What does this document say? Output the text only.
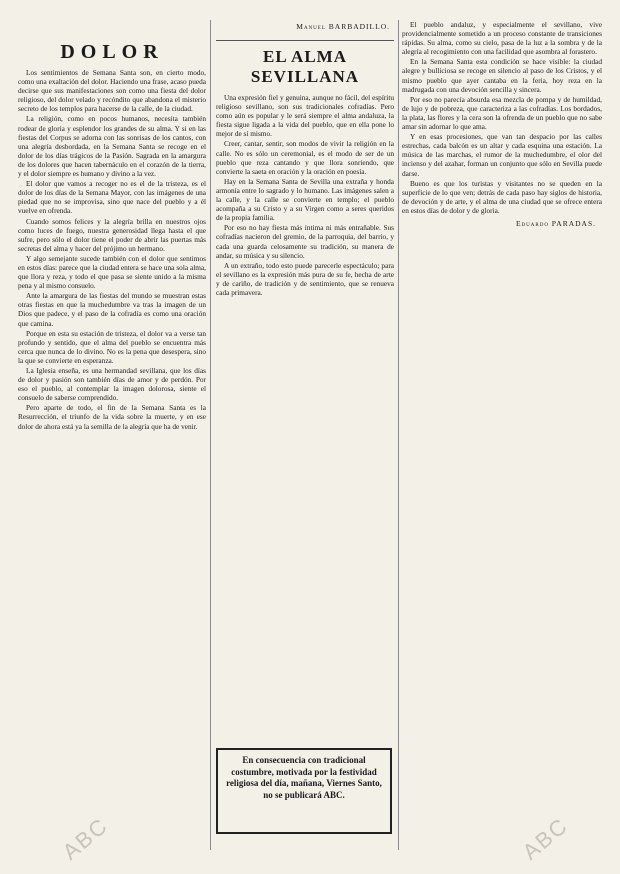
DOLOR

Los sentimientos de Semana Santa son, en cierto modo, como una exaltación del dolor. Haciendo una frase, acaso pueda decirse que sus manifestaciones son como una fiesta del dolor religioso, del dolor velado y recóndito que abandona el misterio secreto de los templos para hacerse de la calle, de la ciudad.

La religión, como en pocos humanos, necesita también rodear de gloria y esplendor los grandes de su alma. Y si en las fiestas del Corpus se adorna con las sonrisas de los cantos, con una alegría desbordada, en la Semana Santa se recoge en el dolor de los días trágicos de la Pasión. Sagrada en la amargura de los dolores que hacen tabernáculo en el corazón de la tierra, y el dolor siempre es humano y divino a la vez.

El dolor que vamos a recoger no es el de la tristeza, es el dolor de los días de la Semana Mayor, con las imágenes de una piedad que no se improvisa, sino que nace del pueblo y a él vuelve en ofrenda.

Cuando somos felices y la alegría brilla en nuestros ojos como luces de fuego, nuestra generosidad llega hasta el que sufre, pero sólo el dolor tiene el poder de abrir las puertas más secretas del alma y hacer del prójimo un hermano.

Y algo semejante sucede también con el dolor que sentimos en estos días: parece que la ciudad entera se hace una sola alma, que llora y reza, y todo el que pasa se siente unido a la misma pena y al mismo consuelo.

Ante la amargura de las fiestas del mundo se muestran estas otras fiestas en que la muchedumbre va tras la imagen de un Dios que padece, y el paso de la cofradía es como una oración que camina.

Porque en esta su estación de tristeza, el dolor va a verse tan profundo y sentido, que el alma del pueblo se encuentra más cerca que nunca de lo divino. No es la pena que desespera, sino la que se convierte en esperanza.

La Iglesia enseña, es una hermandad sevillana, que los días de dolor y pasión son también días de amor y de perdón. Por eso el pueblo, al contemplar la imagen dolorosa, siente el consuelo de saberse comprendido.

Pero aparte de todo, el fin de la Semana Santa es la Resurrección, el triunfo de la vida sobre la muerte, y en ese dolor de ahora está ya la semilla de la alegría que ha de venir.

Manuel BARBADILLO.
EL ALMA SEVILLANA

Una expresión fiel y genuina, aunque no fácil, del espíritu religioso sevillano, son sus tradicionales cofradías. Pero como aún es popular y le será siempre el alma andaluza, la fiesta sigue ligada a la vida del pueblo, que en ella pone lo mejor de sí mismo.

Creer, cantar, sentir, son modos de vivir la religión en la calle. No es sólo un ceremonial, es el modo de ser de un pueblo que reza cantando y que llora sonriendo, que convierte la saeta en oración y la oración en poesía.

Hay en la Semana Santa de Sevilla una extraña y honda armonía entre lo sagrado y lo humano. Las imágenes salen a la calle, y la calle se convierte en templo; el pueblo acompaña a su Cristo y a su Virgen como a seres queridos de la propia familia.

Por eso no hay fiesta más íntima ni más entrañable. Sus cofradías nacieron del gremio, de la parroquia, del barrio, y cada una guarda celosamente su tradición, su manera de andar, su música y su silencio.

A un extraño, todo esto puede parecerle espectáculo; para el sevillano es la expresión más pura de su fe, hecha de arte y de cariño, de tradición y de sentimiento, que se renueva cada primavera.

El pueblo andaluz, y especialmente el sevillano, vive providencialmente sometido a un proceso constante de transiciones rápidas. Su alma, como su cielo, pasa de la luz a la sombra y de la alegría al recogimiento con una facilidad que asombra al forastero.

En la Semana Santa esta condición se hace visible: la ciudad alegre y bulliciosa se recoge en silencio al paso de los Cristos, y el mismo pueblo que ayer cantaba en la feria, hoy reza en la madrugada con una devoción sencilla y sincera.

Por eso no parecía absurda esa mezcla de pompa y de humildad, de lujo y de pobreza, que caracteriza a las cofradías. Los bordados, la plata, las flores y la cera son la ofrenda de un pueblo que no sabe amar sin adornar lo que ama.

Y en esas procesiones, que van tan despacio por las calles estrechas, cada balcón es un altar y cada esquina una estación. La música de las marchas, el rumor de la muchedumbre, el olor del incienso y del azahar, forman un conjunto que sólo en Sevilla puede darse.

Bueno es que los turistas y visitantes no se queden en la superficie de lo que ven; detrás de cada paso hay siglos de historia, de devoción y de arte, y el alma de una ciudad que se ofrece entera en estos días de dolor y de gloria.

Eduardo PARADAS.
En consecuencia con tradicional costumbre, motivada por la festividad religiosa del día, mañana, Viernes Santo, no se publicará ABC.
ABC	ABC
